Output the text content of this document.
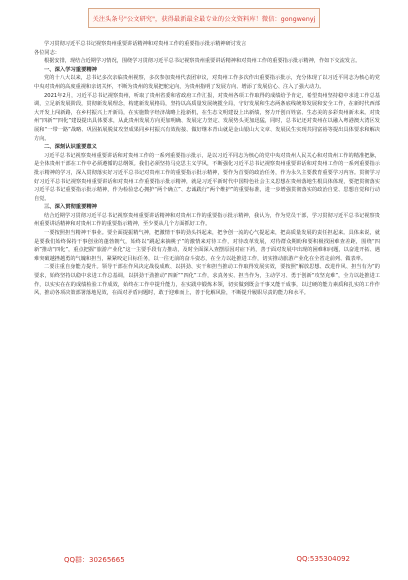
关注头条号"公文研究"，获得最新最全最专业的公文资料库！微信：gongwenyj

学习贯彻习近平总书记视察贵州重要讲话精神和对贵州工作的重要指示批示精神研讨发言

各位同志：

根据安排，现结合近期学习情况，围绕学习贯彻习近平总书记视察贵州重要讲话精神和对贵州工作的重要指示批示精神，作如下交流发言。

一、深入学习重要精神

党的十八大以来，总书记多次亲临贵州视察，多次参加贵州代表团审议，对贵州工作多次作出重要指示批示，充分体现了以习近平同志为核心的党中央对贵州的高度重视和亲切关怀，不断为贵州的发展把舵定向，为贵州指明了发展方向、增添了发展信心、注入了强大动力。

2021年2月，习近平总书记视察贵州，听取了贵州省委和省政府工作汇报，对贵州各项工作取得的成绩给予肯定，希望贵州坚持稳中求进工作总基调，立足新发展阶段，贯彻新发展理念，构建新发展格局，坚持以高质量发展统揽全局，守好发展和生态两条底线统筹发展和安全工作，在新时代西部大开发上闯新路，在乡村振兴上开新局，在实施数字经济战略上抢新机，在生态文明建设上出新绩，努力开创百姓富、生态美的多彩贵州新未来。对贵州“四新”“四化”建设提出具体要求，从此贵州发展方向更加明确、发展定力坚定、发展势头更加迅猛，同时，总书记还对贵州在以融入粤港澳大湾区发展和“一带一路”战略、巩固拓展脱贫攻坚成果同乡村振兴有效衔接、做好继本青山就是金山银山大文章、发展民生实现共同富裕等提出具体要求和解决方向。

二、深刻认识重要意义

习近平总书记视察贵州重要讲话和对贵州工作的一系列重要指示批示，是以习近平同志为核心的党中央对贵州人民关心和对贵州工作的精准把脉，是全体贵州干部在工作中必须遵循的总纲领。我们必须坚持马克思主义学风，不断强化习近平总书记视察贵州重要讲话和对贵州工作的一系列重要指示批示精神的学习，深入贯彻落实好习近平总书记对贵州工作的重要指示批示精神，要作为首要的政治任务，作为永久主要教育重要学习内容。贯彻学习好习近平总书记视察贵州重要讲话和对贵州工作重要指示批示精神，就是习近平新时代中国特色社会主义思想在贵州落地生根具体体现，要把贯彻落实习近平总书记重要指示批示精神，作为检验忠心拥护“两个确立”、忠诚践行“两个维护”的重要标准，进一步增强贯彻落实的政治自觉、思想自觉和行动自觉。

三、深入贯彻重要精神

结合近期学习贯彻习近平总书记视察贵州重要讲话精神和对贵州工作的重要指示批示精神，我认为，作为党员干部，学习贯彻习近平总书记视察贵州重要讲话精神和对贵州工作的重要指示精神，至少要从几个方面抓好工作。

一要按照担当精神干事业。要全面提振精气神，把激情干事的劲头抖起来，把争创一流的心气提起来，把高质量发展的责任担起来。具体来说，就是要我们始终保持干事创业的蓬勃朝气，始终以“跳起来摘桃子”的激情来对待工作，对待改革发展，对待群众期盼和要积极找困难查差距，围绕“四新”推动“四化”，重点把握“旅游产业化”这一主要手段有力推动，及时全面深入查摆原因对症下药，善于面对发展中出现的困难和问题，以奋进开拓、遇难突破越挫越勇的气魄和担当，紧紧咬定目标任务，以一往无前的奋斗姿态，在全力以赴推进工作，切实推动旅游产业化在全省走前列、做表率。

二要注重自身能力提升。领导干部在作风决定战役成败、以拼劲、实干和担当推动工作取得发展实效，要按照“解放思想、改进作风、担当有为”的要求，始终坚持以稳中求进工作总基调，以拼劲干劲推动“四新”“四化”工作，求真务实、担当作为，主动学习、勇于创新“攻坚克难”，全力以赴推进工作，以实实在在的成绩检验工作成效，始终在工作中提升能力，在实践中锻炼本领，切实做到既会干事又能干成事，以过硬的能力素质和扎实的工作作风，推动各项决策部署落地见效，在面对矛盾问题时，敢于迎难而上，善于化解风险，不断提升履职尽责的能力和水平。

QQ群：30265665	QQ:535304092
